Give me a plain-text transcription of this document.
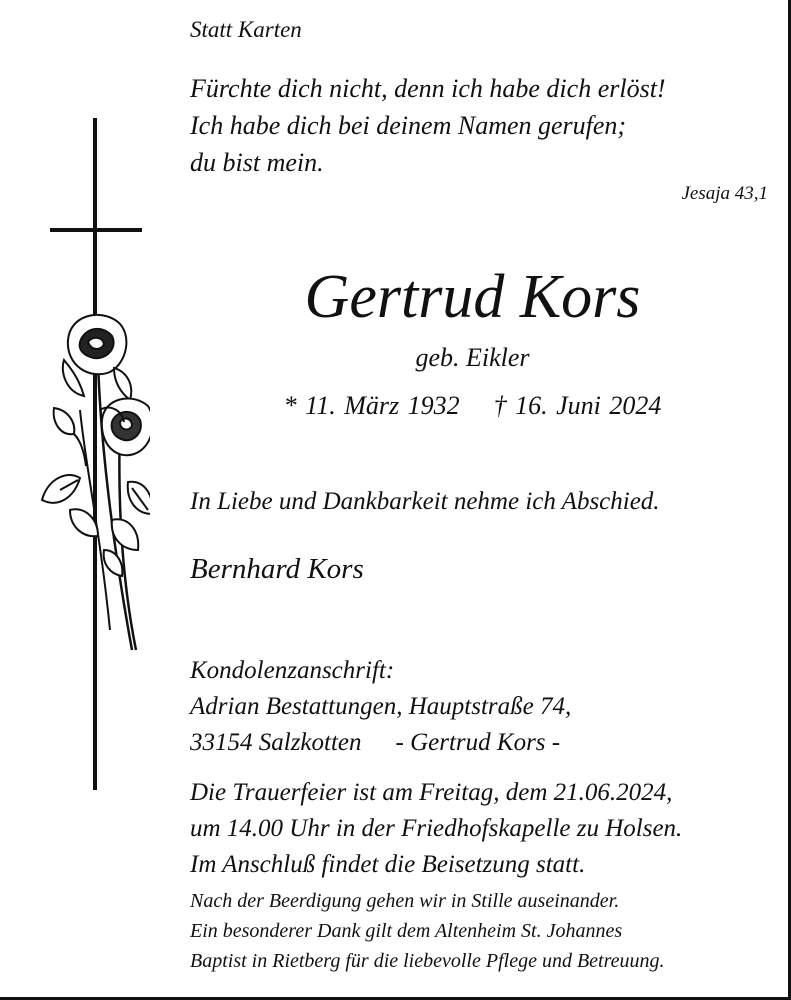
Statt Karten

Fürchte dich nicht, denn ich habe dich erlöst!
Ich habe dich bei deinem Namen gerufen;
du bist mein.

Jesaja 43,1

Gertrud Kors

geb. Eikler

* 11. März 1932 † 16. Juni 2024

In Liebe und Dankbarkeit nehme ich Abschied.

Bernhard Kors

Kondolenzanschrift:
Adrian Bestattungen, Hauptstraße 74,
33154 Salzkotten - Gertrud Kors -
Die Trauerfeier ist am Freitag, dem 21.06.2024,
um 14.00 Uhr in der Friedhofskapelle zu Holsen.
Im Anschluß findet die Beisetzung statt.
Nach der Beerdigung gehen wir in Stille auseinander.
Ein besonderer Dank gilt dem Altenheim St. Johannes
Baptist in Rietberg für die liebevolle Pflege und Betreuung.
